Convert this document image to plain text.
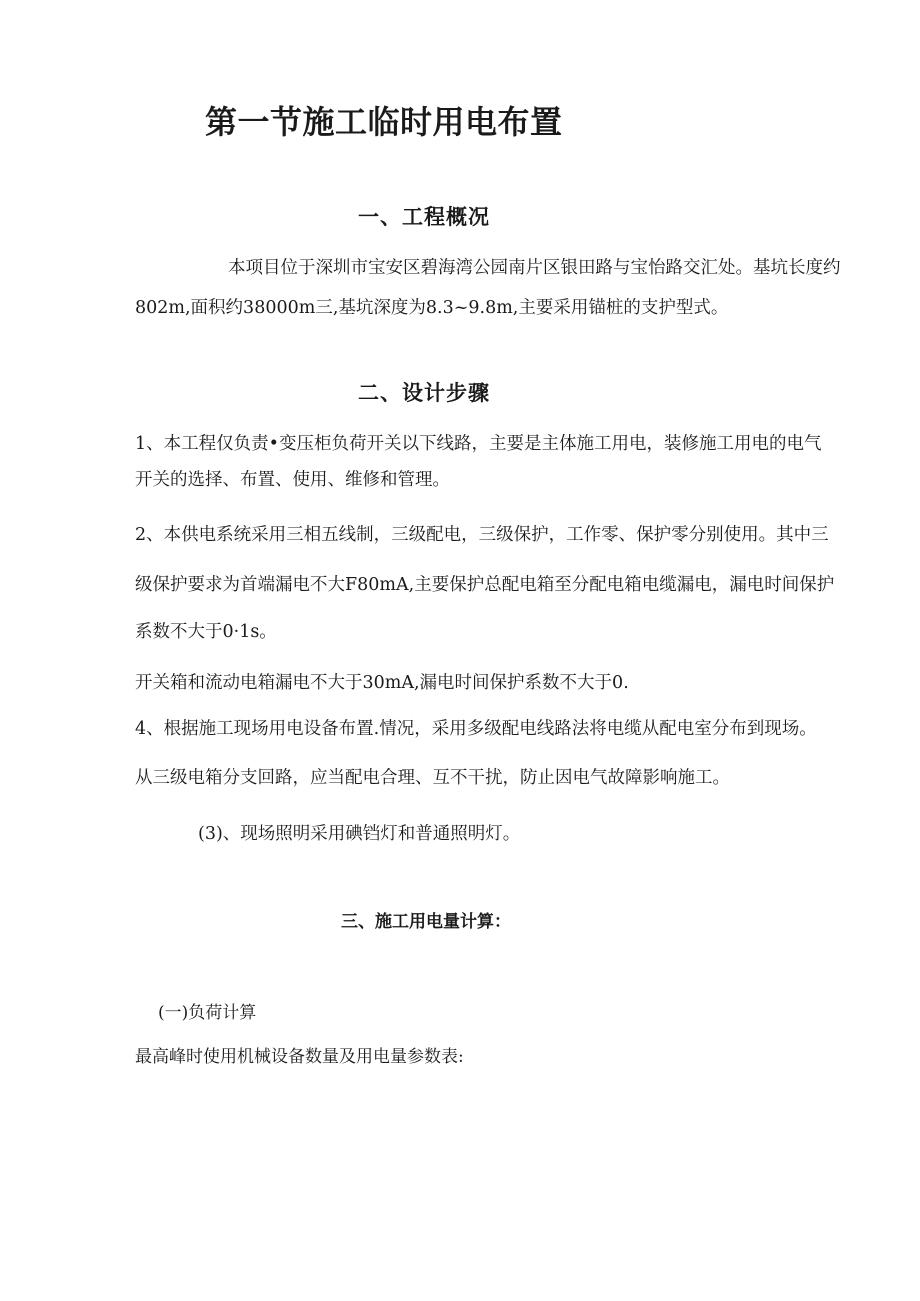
第一节施工临时用电布置
一、工程概况

本项目位于深圳市宝安区碧海湾公园南片区银田路与宝怡路交汇处。基坑长度约

802m,面积约38000m三,基坑深度为8.3~9.8m,主要采用锚桩的支护型式。

二、设计步骤

1、本工程仅负责•变压柜负荷开关以下线路，主要是主体施工用电，装修施工用电的电气

开关的选择、布置、使用、维修和管理。

2、本供电系统采用三相五线制，三级配电，三级保护，工作零、保护零分别使用。其中三

级保护要求为首端漏电不大F80mA,主要保护总配电箱至分配电箱电缆漏电，漏电时间保护

系数不大于0·1s。

开关箱和流动电箱漏电不大于30mA,漏电时间保护系数不大于0.

4、根据施工现场用电设备布置.情况，采用多级配电线路法将电缆从配电室分布到现场。

从三级电箱分支回路，应当配电合理、互不干扰，防止因电气故障影响施工。

(3)、现场照明采用碘铛灯和普通照明灯。

三、施工用电量计算：

(一)负荷计算

最高峰时使用机械设备数量及用电量参数表:
